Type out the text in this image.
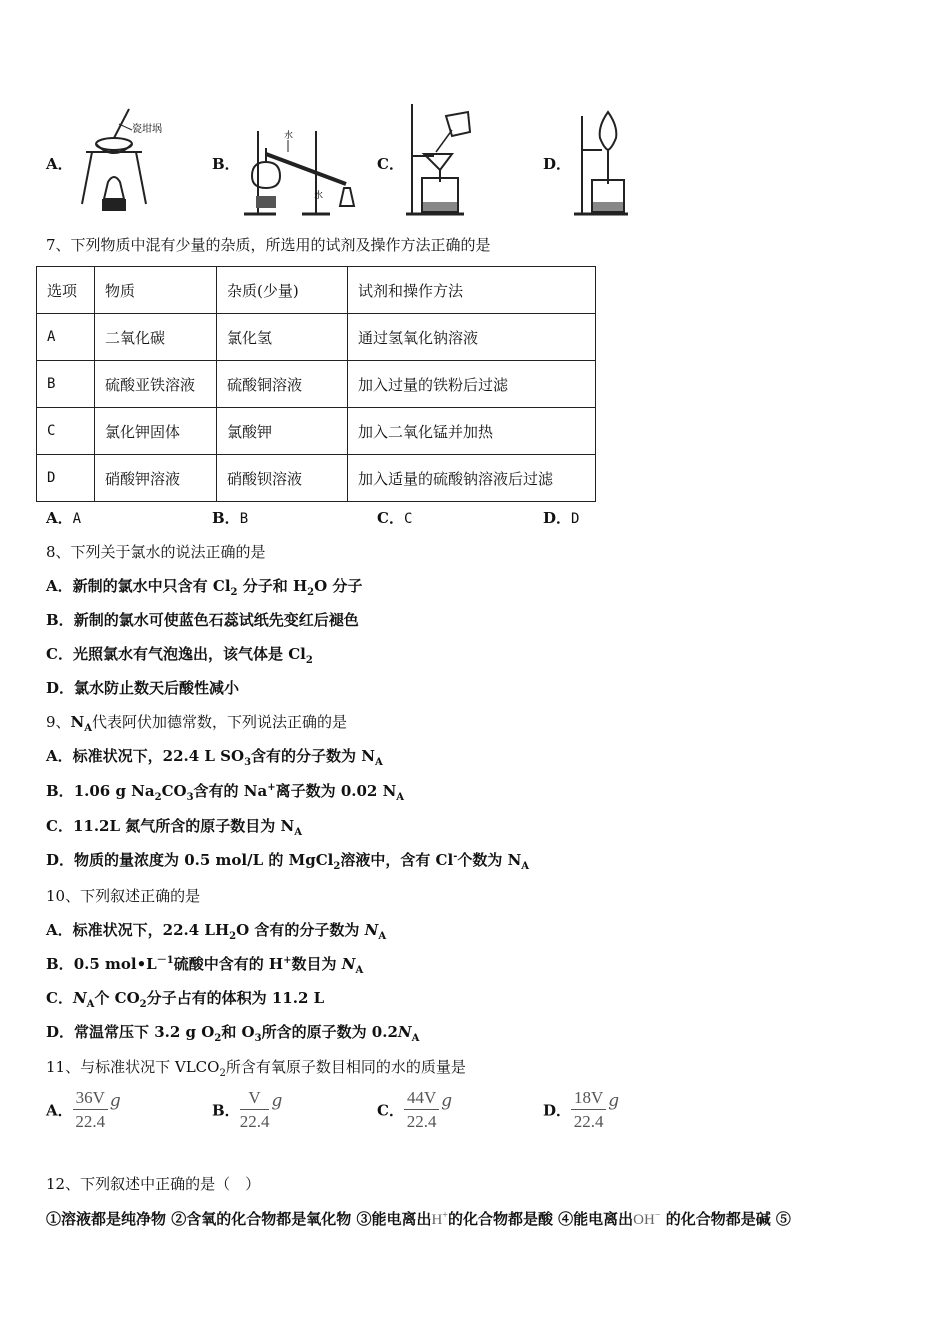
A．
瓷坩埚
B．
水
水
C．	D．
7、下列物质中混有少量的杂质，所选用的试剂及操作方法正确的是
选项	物质	杂质(少量)	试剂和操作方法
A	二氧化碳	氯化氢	通过氢氧化钠溶液
B	硫酸亚铁溶液	硫酸铜溶液	加入过量的铁粉后过滤
C	氯化钾固体	氯酸钾	加入二氧化锰并加热
D	硝酸钾溶液	硝酸钡溶液	加入适量的硫酸钠溶液后过滤
A．A	B．B	C．C	D．D
8、下列关于氯水的说法正确的是
A．新制的氯水中只含有 $Cl_2$ 分子和 $H_2O$ 分子
B．新制的氯水可使蓝色石蕊试纸先变红后褪色
C．光照氯水有气泡逸出，该气体是 $Cl_2$
D．氯水防止数天后酸性减小
9、$N_A$代表阿伏加德常数，下列说法正确的是
A．标准状况下，22.4 L $SO_3$含有的分子数为 $N_A$
B．1.06 g $Na_2CO_3$含有的 Na+离子数为 0.02 $N_A$
C．11.2L 氮气所含的原子数目为 $N_A$
D．物质的量浓度为 0.5 mol/L 的 MgCl$_2$溶液中，含有 Cl-个数为 $N_A$
10、下列叙述正确的是
A．标准状况下，22.4 $LH_2O$ 含有的分子数为 $N_A$
B．0.5 $mol•L^{-1}$硫酸中含有的 H+数目为 $N_A$
C．$N_A$个 $CO_2$分子占有的体积为 11.2 L
D．常温常压下 3.2 g $O_2$和 $O_3$所含的原子数为 $0.2N_A$
11、与标准状况下 $VLCO_2$所含有氧原子数目相同的水的质量是
A． $\frac{36V}{22.4}$ g	B． $\frac{V}{22.4}$ g	C． $\frac{44V}{22.4}$ g	D． $\frac{18V}{22.4}$ g
12、下列叙述中正确的是（　）
①溶液都是纯净物 ②含氧的化合物都是氧化物 ③能电离出H+的化合物都是酸 ④能电离出OH− 的化合物都是碱 ⑤
